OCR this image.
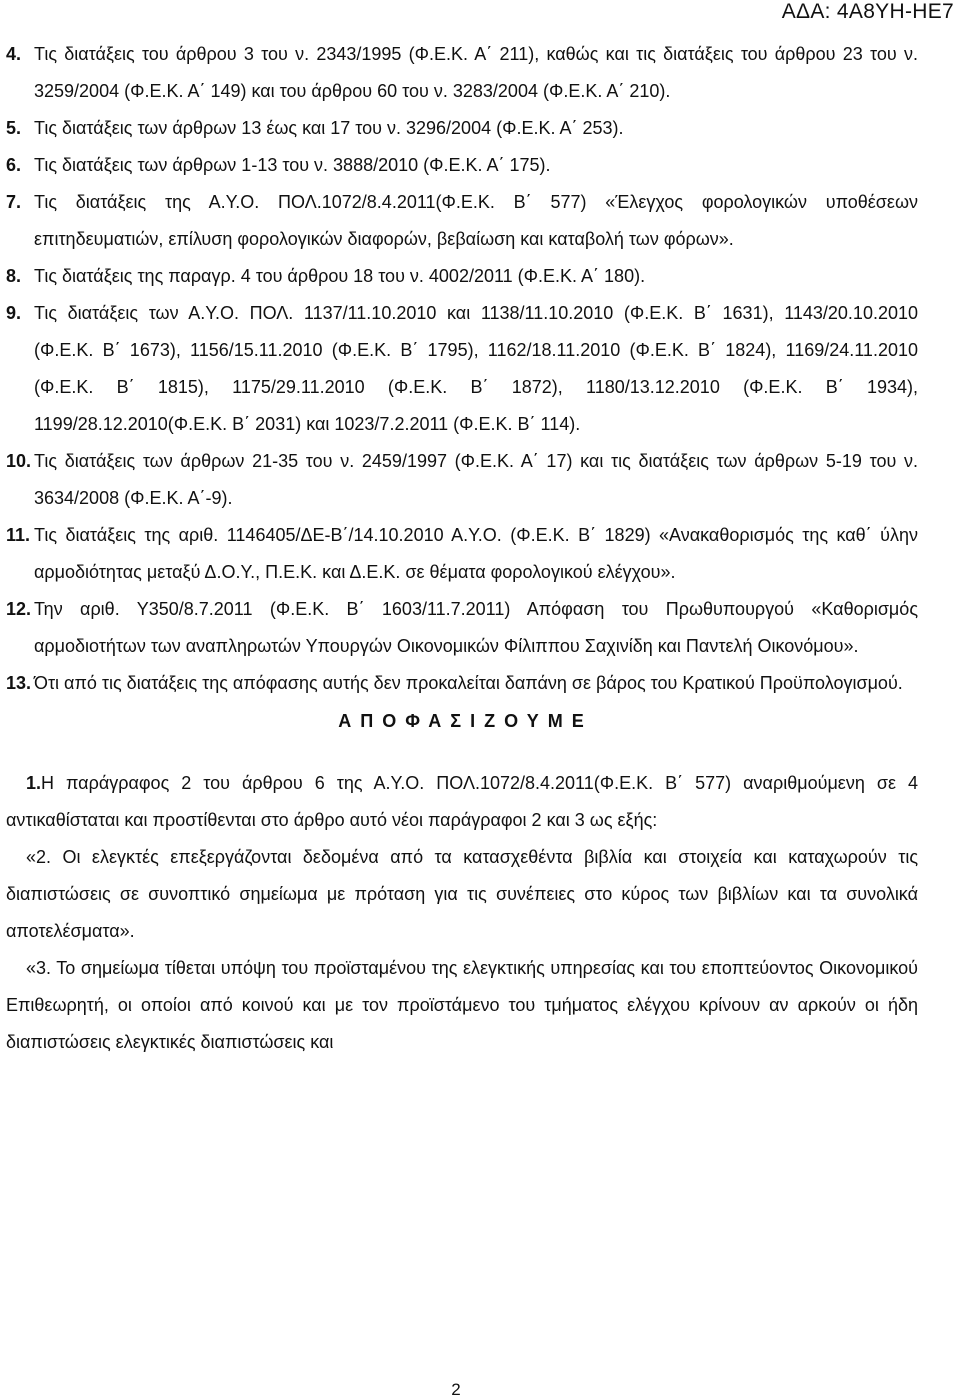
ΑΔΑ: 4Α8ΥΗ-ΗΕ7
4. Τις διατάξεις του άρθρου 3 του ν. 2343/1995 (Φ.Ε.Κ. Α΄ 211), καθώς και τις διατάξεις του άρθρου 23 του ν. 3259/2004 (Φ.Ε.Κ. Α΄ 149) και του άρθρου 60 του ν. 3283/2004 (Φ.Ε.Κ. Α΄ 210).
5. Τις διατάξεις των άρθρων 13 έως και 17 του ν. 3296/2004 (Φ.Ε.Κ. Α΄ 253).
6. Τις διατάξεις των άρθρων 1-13 του ν. 3888/2010 (Φ.Ε.Κ. Α΄ 175).
7. Τις διατάξεις της Α.Υ.Ο. ΠΟΛ.1072/8.4.2011(Φ.Ε.Κ. Β΄ 577) «Έλεγχος φορολογικών υποθέσεων επιτηδευματιών, επίλυση φορολογικών διαφορών, βεβαίωση και καταβολή των φόρων».
8. Τις διατάξεις της παραγρ. 4 του άρθρου 18 του ν. 4002/2011 (Φ.Ε.Κ. Α΄ 180).
9. Τις διατάξεις των Α.Υ.Ο. ΠΟΛ. 1137/11.10.2010 και 1138/11.10.2010 (Φ.Ε.Κ. Β΄ 1631), 1143/20.10.2010 (Φ.Ε.Κ. Β΄ 1673), 1156/15.11.2010 (Φ.Ε.Κ. Β΄ 1795), 1162/18.11.2010 (Φ.Ε.Κ. Β΄ 1824), 1169/24.11.2010 (Φ.Ε.Κ. Β΄ 1815), 1175/29.11.2010 (Φ.Ε.Κ. Β΄ 1872), 1180/13.12.2010 (Φ.Ε.Κ. Β΄ 1934), 1199/28.12.2010(Φ.Ε.Κ. Β΄ 2031) και 1023/7.2.2011 (Φ.Ε.Κ. Β΄ 114).
10. Τις διατάξεις των άρθρων 21-35 του ν. 2459/1997 (Φ.Ε.Κ. Α΄ 17) και τις διατάξεις των άρθρων 5-19 του ν. 3634/2008 (Φ.Ε.Κ. Α΄-9).
11. Τις διατάξεις της αριθ. 1146405/ΔΕ-Β΄/14.10.2010 Α.Υ.Ο. (Φ.Ε.Κ. Β΄ 1829) «Ανακαθορισμός της καθ΄ ύλην αρμοδιότητας μεταξύ Δ.Ο.Υ., Π.Ε.Κ. και Δ.Ε.Κ. σε θέματα φορολογικού ελέγχου».
12. Την αριθ. Υ350/8.7.2011 (Φ.Ε.Κ. Β΄ 1603/11.7.2011) Απόφαση του Πρωθυπουργού «Καθορισμός αρμοδιοτήτων των αναπληρωτών Υπουργών Οικονομικών Φίλιππου Σαχινίδη και Παντελή Οικονόμου».
13. Ότι από τις διατάξεις της απόφασης αυτής δεν προκαλείται δαπάνη σε βάρος του Κρατικού Προϋπολογισμού.
Α Π Ο Φ Α Σ Ι Ζ Ο Υ Μ Ε
1.Η παράγραφος 2 του άρθρου 6 της Α.Υ.Ο. ΠΟΛ.1072/8.4.2011(Φ.Ε.Κ. Β΄ 577) αναριθμούμενη σε 4 αντικαθίσταται και προστίθενται στο άρθρο αυτό νέοι παράγραφοι 2 και 3 ως εξής:
«2. Οι ελεγκτές επεξεργάζονται δεδομένα από τα κατασχεθέντα βιβλία και στοιχεία και καταχωρούν τις διαπιστώσεις σε συνοπτικό σημείωμα με πρόταση για τις συνέπειες στο κύρος των βιβλίων και τα συνολικά αποτελέσματα».
«3. Το σημείωμα τίθεται υπόψη του προϊσταμένου της ελεγκτικής υπηρεσίας και του εποπτεύοντος Οικονομικού Επιθεωρητή, οι οποίοι από κοινού και με τον προϊστάμενο του τμήματος ελέγχου κρίνουν αν αρκούν οι ήδη διαπιστώσεις ελεγκτικές διαπιστώσεις και
2
